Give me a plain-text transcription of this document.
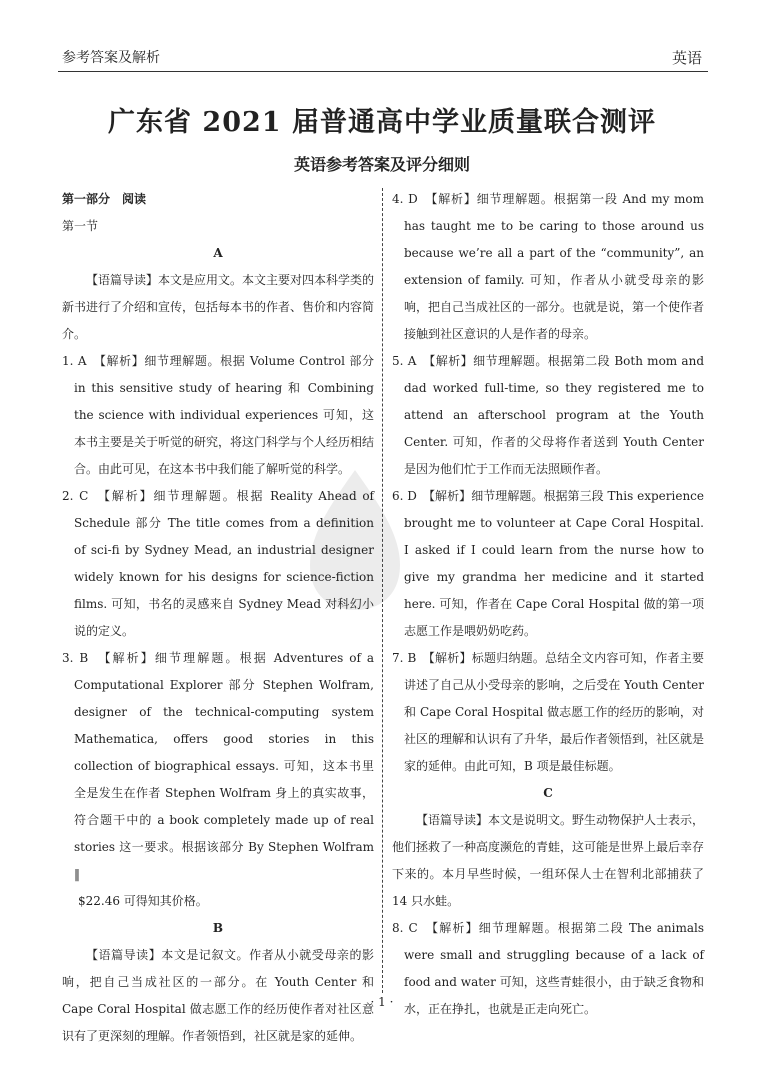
参考答案及解析	英语
广东省 2021 届普通高中学业质量联合测评
英语参考答案及评分细则

第一部分　阅读

第一节

A

【语篇导读】本文是应用文。本文主要对四本科学类的新书进行了介绍和宣传，包括每本书的作者、售价和内容简介。

1. A　【解析】细节理解题。根据 Volume Control 部分 in this sensitive study of hearing 和 Combining the science with individual experiences 可知，这本书主要是关于听觉的研究，将这门科学与个人经历相结合。由此可见，在这本书中我们能了解听觉的科学。

2. C　【解析】细节理解题。根据 Reality Ahead of Schedule 部分 The title comes from a definition of sci-fi by Sydney Mead, an industrial designer widely known for his designs for science-fiction films. 可知，书名的灵感来自 Sydney Mead 对科幻小说的定义。

3. B　【解析】细节理解题。根据 Adventures of a Computational Explorer 部分 Stephen Wolfram, designer of the technical-computing system Mathematica, offers good stories in this collection of biographical essays. 可知，这本书里全是发生在作者 Stephen Wolfram 身上的真实故事，符合题干中的 a book completely made up of real stories 这一要求。根据该部分 By Stephen Wolfram ‖

$22.46 可得知其价格。

B

【语篇导读】本文是记叙文。作者从小就受母亲的影响，把自己当成社区的一部分。在 Youth Center 和 Cape Coral Hospital 做志愿工作的经历使作者对社区意识有了更深刻的理解。作者领悟到，社区就是家的延伸。

4. D　【解析】细节理解题。根据第一段 And my mom has taught me to be caring to those around us because we’re all a part of the “community”, an extension of family. 可知，作者从小就受母亲的影响，把自己当成社区的一部分。也就是说，第一个使作者接触到社区意识的人是作者的母亲。

5. A　【解析】细节理解题。根据第二段 Both mom and dad worked full-time, so they registered me to attend an afterschool program at the Youth Center. 可知，作者的父母将作者送到 Youth Center 是因为他们忙于工作而无法照顾作者。

6. D　【解析】细节理解题。根据第三段 This experience brought me to volunteer at Cape Coral Hospital. I asked if I could learn from the nurse how to give my grandma her medicine and it started here. 可知，作者在 Cape Coral Hospital 做的第一项志愿工作是喂奶奶吃药。

7. B　【解析】标题归纳题。总结全文内容可知，作者主要讲述了自己从小受母亲的影响，之后受在 Youth Center 和 Cape Coral Hospital 做志愿工作的经历的影响，对社区的理解和认识有了升华，最后作者领悟到，社区就是家的延伸。由此可知，B 项是最佳标题。

C

【语篇导读】本文是说明文。野生动物保护人士表示，他们拯救了一种高度濒危的青蛙，这可能是世界上最后幸存下来的。本月早些时候，一组环保人士在智利北部捕获了 14 只水蛙。

8. C　【解析】细节理解题。根据第二段 The animals were small and struggling because of a lack of food and water 可知，这些青蛙很小，由于缺乏食物和水，正在挣扎，也就是正走向死亡。

· 1 ·
